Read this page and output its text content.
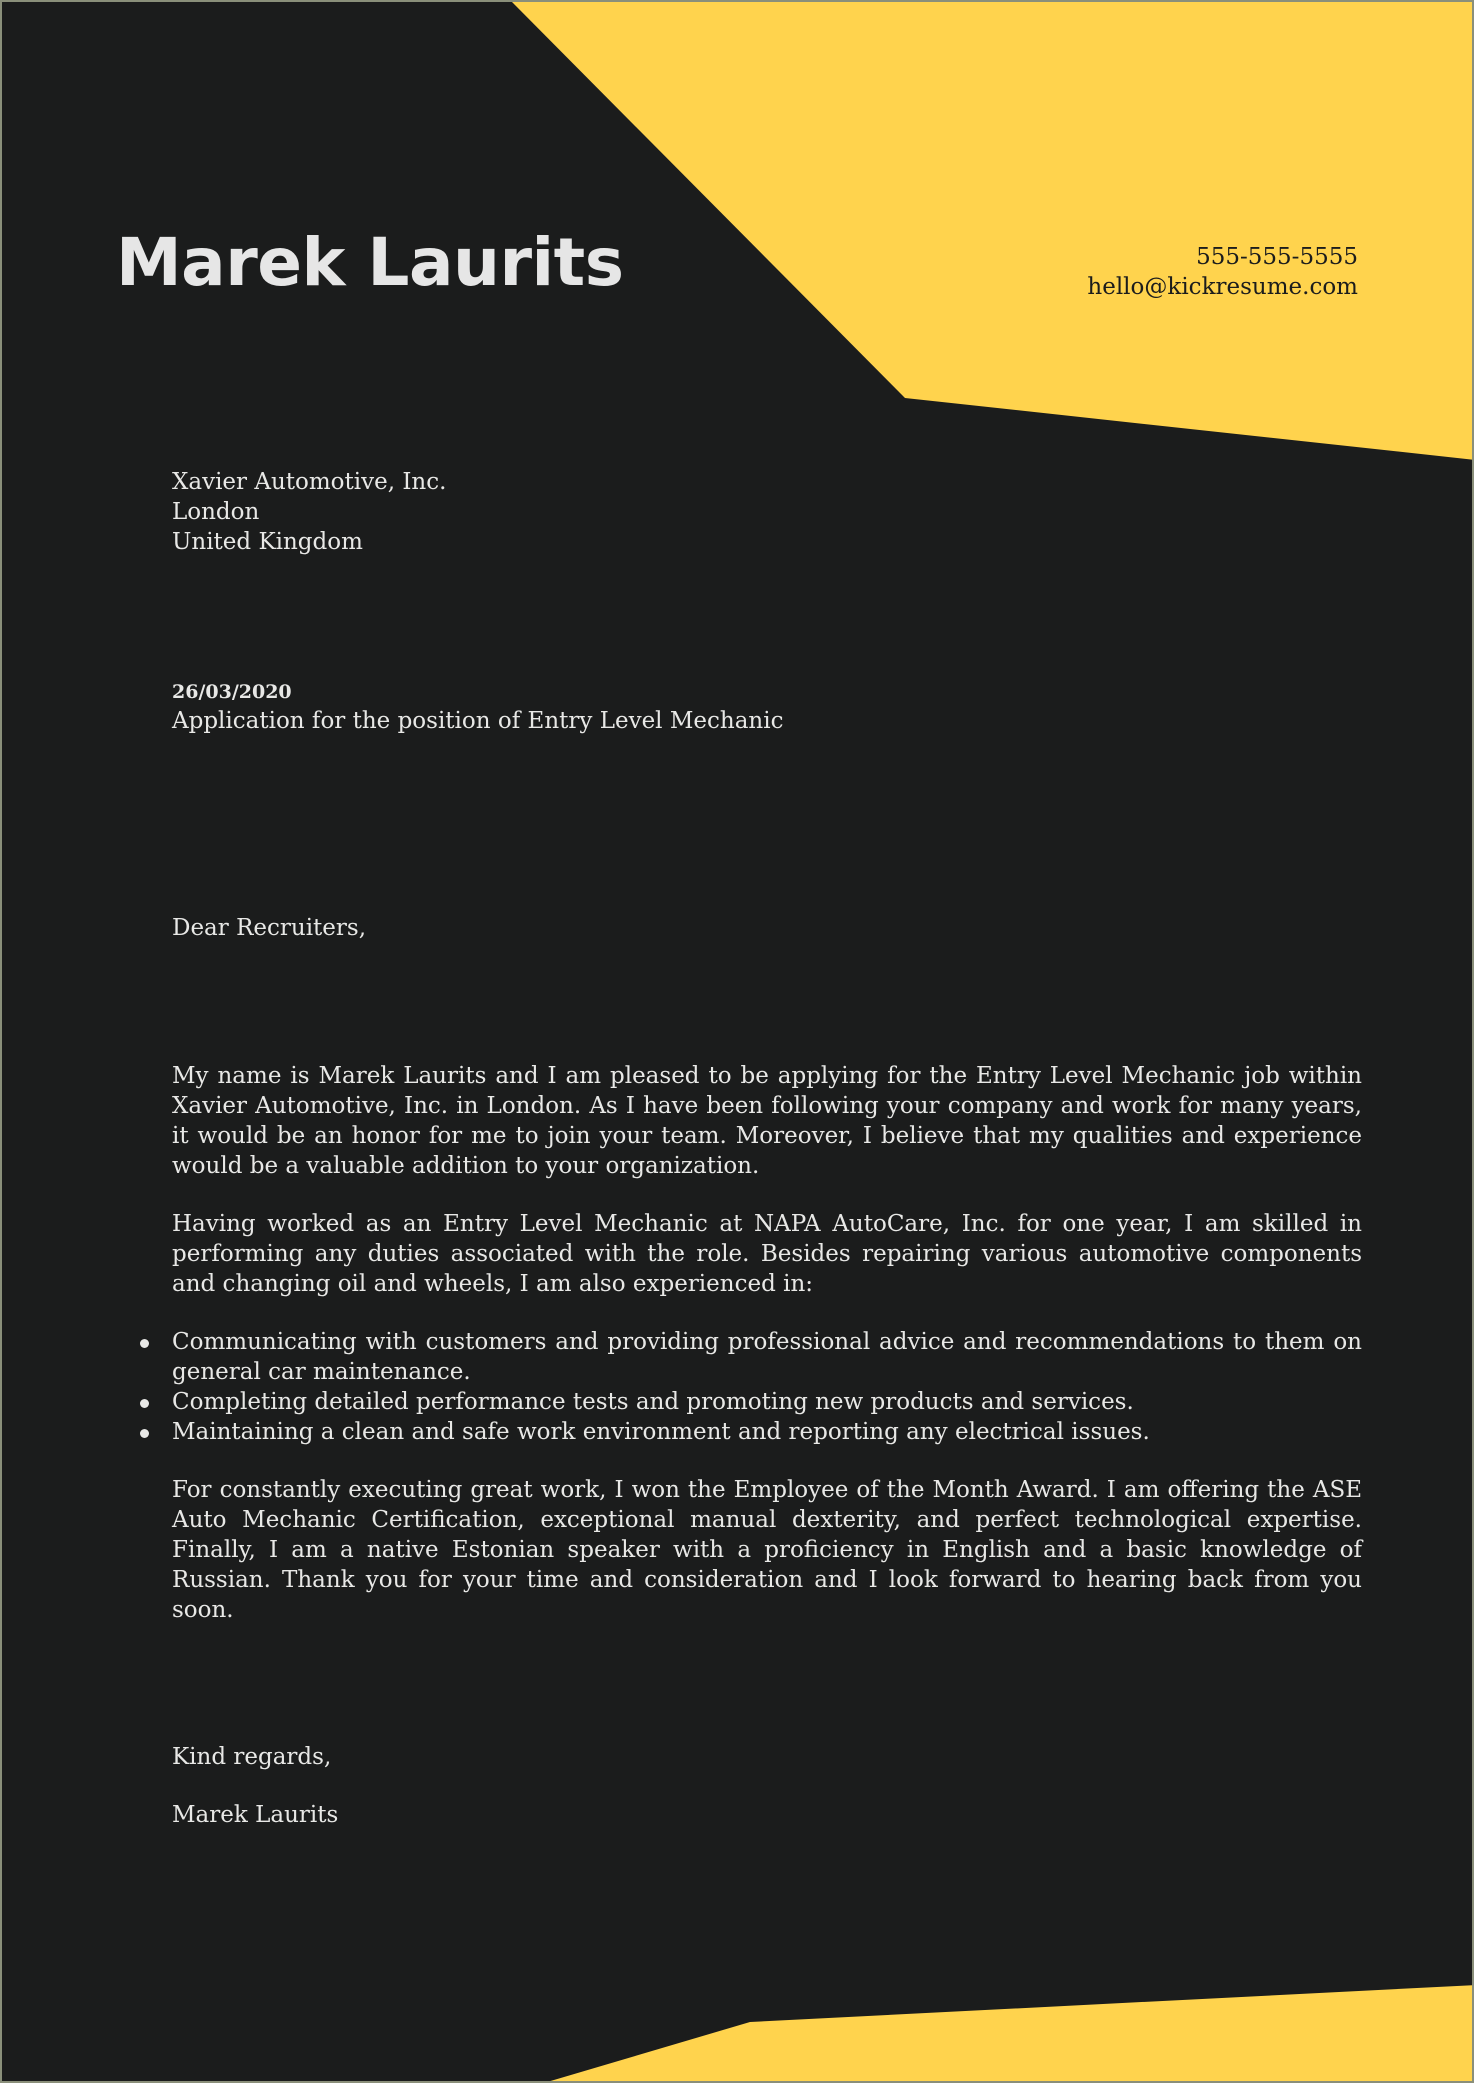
Marek Laurits	555-555-5555
hello@kickresume.com
Xavier Automotive, Inc.
London
United Kingdom
26/03/2020
Application for the position of Entry Level Mechanic
Dear Recruiters,

My name is Marek Laurits and I am pleased to be applying for the Entry Level Mechanic job within Xavier Automotive, Inc. in London. As I have been following your company and work for many years, it would be an honor for me to join your team. Moreover, I believe that my qualities and experience would be a valuable addition to your organization.

Having worked as an Entry Level Mechanic at NAPA AutoCare, Inc. for one year, I am skilled in performing any duties associated with the role. Besides repairing various automotive components and changing oil and wheels, I am also experienced in:

Communicating with customers and providing professional advice and recommendations to them on general car maintenance.
Completing detailed performance tests and promoting new products and services.
Maintaining a clean and safe work environment and reporting any electrical issues.

For constantly executing great work, I won the Employee of the Month Award. I am offering the ASE Auto Mechanic Certification, exceptional manual dexterity, and perfect technological expertise. Finally, I am a native Estonian speaker with a proficiency in English and a basic knowledge of Russian. Thank you for your time and consideration and I look forward to hearing back from you soon.

Kind regards,
Marek Laurits
